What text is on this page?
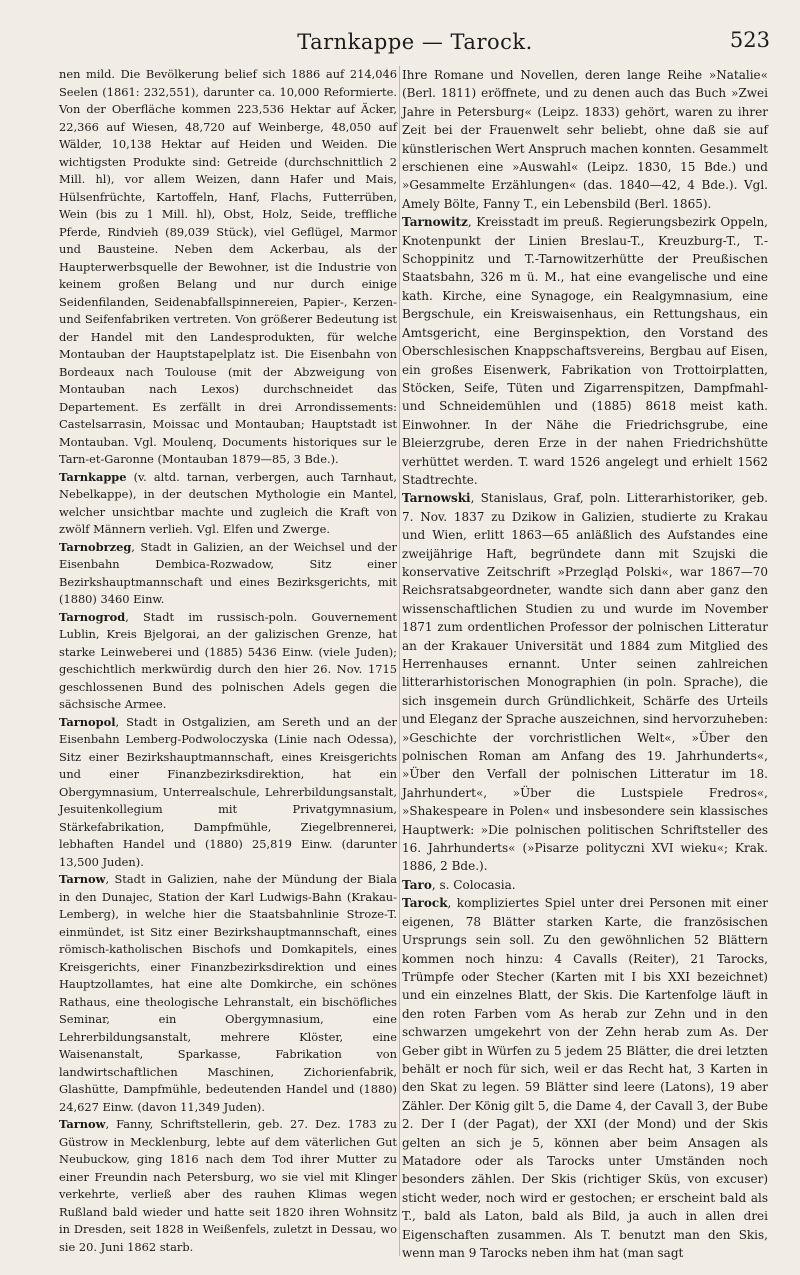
Tarnkappe — Tarock.	523

nen mild. Die Bevölkerung belief sich 1886 auf 214,046 Seelen (1861: 232,551), darunter ca. 10,000 Reformierte. Von der Oberfläche kommen 223,536 Hektar auf Äcker, 22,366 auf Wiesen, 48,720 auf Weinberge, 48,050 auf Wälder, 10,138 Hektar auf Heiden und Weiden. Die wichtigsten Produkte sind: Getreide (durchschnittlich 2 Mill. hl), vor allem Weizen, dann Hafer und Mais, Hülsenfrüchte, Kartoffeln, Hanf, Flachs, Futterrüben, Wein (bis zu 1 Mill. hl), Obst, Holz, Seide, treffliche Pferde, Rindvieh (89,039 Stück), viel Geflügel, Marmor und Bausteine. Neben dem Ackerbau, als der Haupterwerbsquelle der Bewohner, ist die Industrie von keinem großen Belang und nur durch einige Seidenfilanden, Seidenabfallspinnereien, Papier-, Kerzen- und Seifenfabriken vertreten. Von größerer Bedeutung ist der Handel mit den Landesprodukten, für welche Montauban der Hauptstapelplatz ist. Die Eisenbahn von Bordeaux nach Toulouse (mit der Abzweigung von Montauban nach Lexos) durchschneidet das Departement. Es zerfällt in drei Arrondissements: Castelsarrasin, Moissac und Montauban; Hauptstadt ist Montauban. Vgl. Moulenq, Documents historiques sur le Tarn-et-Garonne (Montauban 1879—85, 3 Bde.).

Tarnkappe (v. altd. tarnan, verbergen, auch Tarnhaut, Nebelkappe), in der deutschen Mythologie ein Mantel, welcher unsichtbar machte und zugleich die Kraft von zwölf Männern verlieh. Vgl. Elfen und Zwerge.

Tarnobrzeg, Stadt in Galizien, an der Weichsel und der Eisenbahn Dembica-Rozwadow, Sitz einer Bezirkshauptmannschaft und eines Bezirksgerichts, mit (1880) 3460 Einw.

Tarnogrod, Stadt im russisch-poln. Gouvernement Lublin, Kreis Bjelgorai, an der galizischen Grenze, hat starke Leinweberei und (1885) 5436 Einw. (viele Juden); geschichtlich merkwürdig durch den hier 26. Nov. 1715 geschlossenen Bund des polnischen Adels gegen die sächsische Armee.

Tarnopol, Stadt in Ostgalizien, am Sereth und an der Eisenbahn Lemberg-Podwoloczyska (Linie nach Odessa), Sitz einer Bezirkshauptmannschaft, eines Kreisgerichts und einer Finanzbezirksdirektion, hat ein Obergymnasium, Unterrealschule, Lehrerbildungsanstalt, Jesuitenkollegium mit Privatgymnasium, Stärkefabrikation, Dampfmühle, Ziegelbrennerei, lebhaften Handel und (1880) 25,819 Einw. (darunter 13,500 Juden).

Tarnow, Stadt in Galizien, nahe der Mündung der Biala in den Dunajec, Station der Karl Ludwigs-Bahn (Krakau-Lemberg), in welche hier die Staatsbahnlinie Stroze-T. einmündet, ist Sitz einer Bezirkshauptmannschaft, eines römisch-katholischen Bischofs und Domkapitels, eines Kreisgerichts, einer Finanzbezirksdirektion und eines Hauptzollamtes, hat eine alte Domkirche, ein schönes Rathaus, eine theologische Lehranstalt, ein bischöfliches Seminar, ein Obergymnasium, eine Lehrerbildungsanstalt, mehrere Klöster, eine Waisenanstalt, Sparkasse, Fabrikation von landwirtschaftlichen Maschinen, Zichorienfabrik, Glashütte, Dampfmühle, bedeutenden Handel und (1880) 24,627 Einw. (davon 11,349 Juden).

Tarnow, Fanny, Schriftstellerin, geb. 27. Dez. 1783 zu Güstrow in Mecklenburg, lebte auf dem väterlichen Gut Neubuckow, ging 1816 nach dem Tod ihrer Mutter zu einer Freundin nach Petersburg, wo sie viel mit Klinger verkehrte, verließ aber des rauhen Klimas wegen Rußland bald wieder und hatte seit 1820 ihren Wohnsitz in Dresden, seit 1828 in Weißenfels, zuletzt in Dessau, wo sie 20. Juni 1862 starb.

Ihre Romane und Novellen, deren lange Reihe »Natalie« (Berl. 1811) eröffnete, und zu denen auch das Buch »Zwei Jahre in Petersburg« (Leipz. 1833) gehört, waren zu ihrer Zeit bei der Frauenwelt sehr beliebt, ohne daß sie auf künstlerischen Wert Anspruch machen konnten. Gesammelt erschienen eine »Auswahl« (Leipz. 1830, 15 Bde.) und »Gesammelte Erzählungen« (das. 1840—42, 4 Bde.). Vgl. Amely Bölte, Fanny T., ein Lebensbild (Berl. 1865).

Tarnowitz, Kreisstadt im preuß. Regierungsbezirk Oppeln, Knotenpunkt der Linien Breslau-T., Kreuzburg-T., T.-Schoppinitz und T.-Tarnowitzerhütte der Preußischen Staatsbahn, 326 m ü. M., hat eine evangelische und eine kath. Kirche, eine Synagoge, ein Realgymnasium, eine Bergschule, ein Kreiswaisenhaus, ein Rettungshaus, ein Amtsgericht, eine Berginspektion, den Vorstand des Oberschlesischen Knappschaftsvereins, Bergbau auf Eisen, ein großes Eisenwerk, Fabrikation von Trottoirplatten, Stöcken, Seife, Tüten und Zigarrenspitzen, Dampfmahl- und Schneidemühlen und (1885) 8618 meist kath. Einwohner. In der Nähe die Friedrichsgrube, eine Bleierzgrube, deren Erze in der nahen Friedrichshütte verhüttet werden. T. ward 1526 angelegt und erhielt 1562 Stadtrechte.

Tarnowski, Stanislaus, Graf, poln. Litterarhistoriker, geb. 7. Nov. 1837 zu Dzikow in Galizien, studierte zu Krakau und Wien, erlitt 1863—65 anläßlich des Aufstandes eine zweijährige Haft, begründete dann mit Szujski die konservative Zeitschrift »Przegląd Polski«, war 1867—70 Reichsratsabgeordneter, wandte sich dann aber ganz den wissenschaftlichen Studien zu und wurde im November 1871 zum ordentlichen Professor der polnischen Litteratur an der Krakauer Universität und 1884 zum Mitglied des Herrenhauses ernannt. Unter seinen zahlreichen litterarhistorischen Monographien (in poln. Sprache), die sich insgemein durch Gründlichkeit, Schärfe des Urteils und Eleganz der Sprache auszeichnen, sind hervorzuheben: »Geschichte der vorchristlichen Welt«, »Über den polnischen Roman am Anfang des 19. Jahrhunderts«, »Über den Verfall der polnischen Litteratur im 18. Jahrhundert«, »Über die Lustspiele Fredros«, »Shakespeare in Polen« und insbesondere sein klassisches Hauptwerk: »Die polnischen politischen Schriftsteller des 16. Jahrhunderts« (»Pisarze polityczni XVI wieku«; Krak. 1886, 2 Bde.).

Taro, s. Colocasia.

Tarock, kompliziertes Spiel unter drei Personen mit einer eigenen, 78 Blätter starken Karte, die französischen Ursprungs sein soll. Zu den gewöhnlichen 52 Blättern kommen noch hinzu: 4 Cavalls (Reiter), 21 Tarocks, Trümpfe oder Stecher (Karten mit I bis XXI bezeichnet) und ein einzelnes Blatt, der Skis. Die Kartenfolge läuft in den roten Farben vom As herab zur Zehn und in den schwarzen umgekehrt von der Zehn herab zum As. Der Geber gibt in Würfen zu 5 jedem 25 Blätter, die drei letzten behält er noch für sich, weil er das Recht hat, 3 Karten in den Skat zu legen. 59 Blätter sind leere (Latons), 19 aber Zähler. Der König gilt 5, die Dame 4, der Cavall 3, der Bube 2. Der I (der Pagat), der XXI (der Mond) und der Skis gelten an sich je 5, können aber beim Ansagen als Matadore oder als Tarocks unter Umständen noch besonders zählen. Der Skis (richtiger Sküs, von excuser) sticht weder, noch wird er gestochen; er erscheint bald als T., bald als Laton, bald als Bild, ja auch in allen drei Eigenschaften zusammen. Als T. benutzt man den Skis, wenn man 9 Tarocks neben ihm hat (man sagt
